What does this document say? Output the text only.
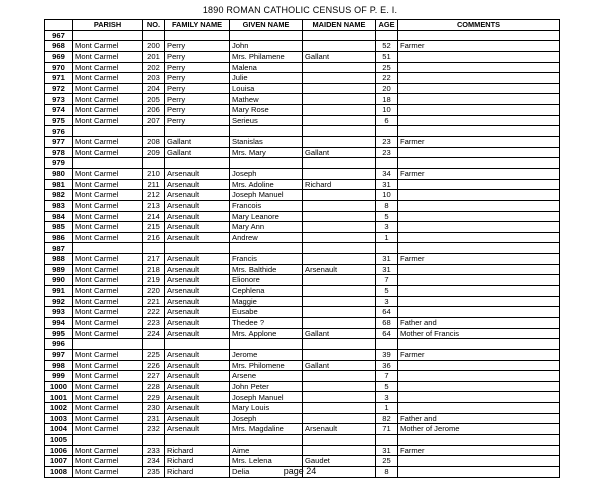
1890 ROMAN CATHOLIC CENSUS OF P. E. I.
	PARISH	NO.	FAMILY NAME	GIVEN NAME	MAIDEN NAME	AGE	COMMENTS
967							
968	Mont Carmel	200	Perry	John		52	Farmer
969	Mont Carmel	201	Perry	Mrs. Philamene	Gallant	51	
970	Mont Carmel	202	Perry	Malena		25	
971	Mont Carmel	203	Perry	Julie		22	
972	Mont Carmel	204	Perry	Louisa		20	
973	Mont Carmel	205	Perry	Mathew		18	
974	Mont Carmel	206	Perry	Mary Rose		10	
975	Mont Carmel	207	Perry	Serieus		6	
976							
977	Mont Carmel	208	Gallant	Stanislas		23	Farmer
978	Mont Carmel	209	Gallant	Mrs. Mary	Gallant	23	
979							
980	Mont Carmel	210	Arsenault	Joseph		34	Farmer
981	Mont Carmel	211	Arsenault	Mrs. Adoline	Richard	31	
982	Mont Carmel	212	Arsenault	Joseph Manuel		10	
983	Mont Carmel	213	Arsenault	Francois		8	
984	Mont Carmel	214	Arsenault	Mary Leanore		5	
985	Mont Carmel	215	Arsenault	Mary Ann		3	
986	Mont Carmel	216	Arsenault	Andrew		1	
987							
988	Mont Carmel	217	Arsenault	Francis		31	Farmer
989	Mont Carmel	218	Arsenault	Mrs. Balthide	Arsenault	31	
990	Mont Carmel	219	Arsenault	Elionore		7	
991	Mont Carmel	220	Arsenault	Cephlena		5	
992	Mont Carmel	221	Arsenault	Maggie		3	
993	Mont Carmel	222	Arsenault	Eusabe		64	
994	Mont Carmel	223	Arsenault	Thedee ?		68	Father and
995	Mont Carmel	224	Arsenault	Mrs. Applone	Gallant	64	Mother of Francis
996							
997	Mont Carmel	225	Arsenault	Jerome		39	Farmer
998	Mont Carmel	226	Arsenault	Mrs. Philomene	Gallant	36	
999	Mont Carmel	227	Arsenault	Arsene		7	
1000	Mont Carmel	228	Arsenault	John Peter		5	
1001	Mont Carmel	229	Arsenault	Joseph Manuel		3	
1002	Mont Carmel	230	Arsenault	Mary Louis		1	
1003	Mont Carmel	231	Arsenault	Joseph		82	Father and
1004	Mont Carmel	232	Arsenault	Mrs. Magdaline	Arsenault	71	Mother of Jerome
1005							
1006	Mont Carmel	233	Richard	Aime		31	Farmer
1007	Mont Carmel	234	Richard	Mrs. Lelena	Gaudet	25	
1008	Mont Carmel	235	Richard	Delia		8	
page 24
